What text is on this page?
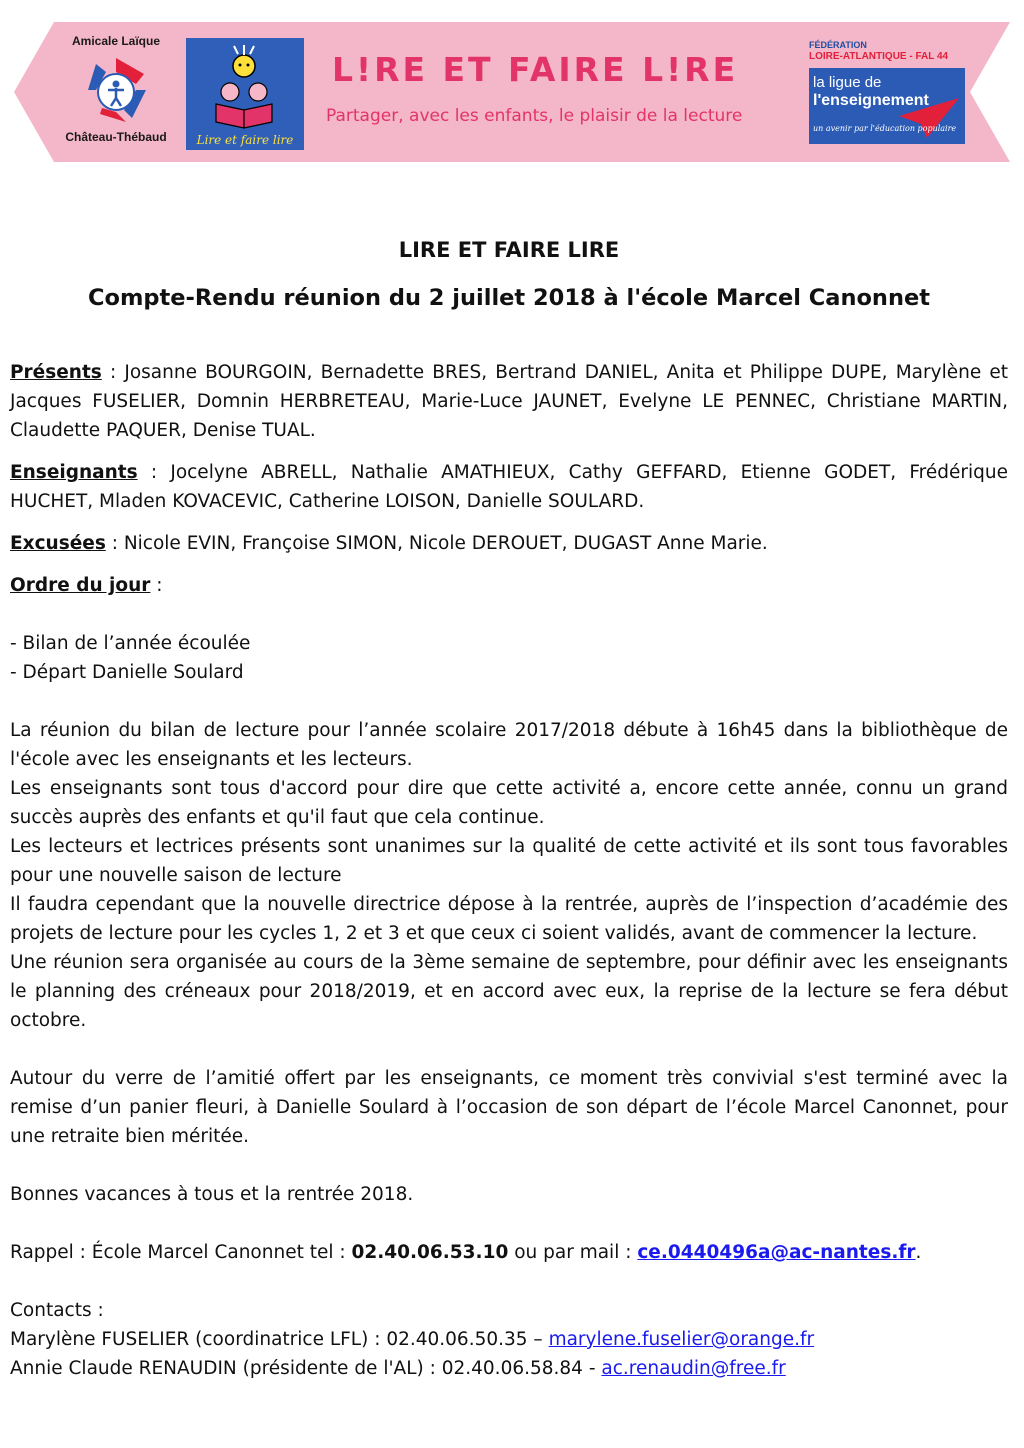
Amicale Laïque
Château-Thébaud	Lire et faire lire
L!RE ET FAIRE L!RE
Partager, avec les enfants, le plaisir de la lecture
FÉDÉRATION
LOIRE-ATLANTIQUE - FAL 44
la ligue de
l'enseignement
un avenir par l'éducation populaire

LIRE ET FAIRE LIRE

Compte-Rendu réunion du 2 juillet 2018 à l'école Marcel Canonnet

Présents : Josanne BOURGOIN, Bernadette BRES, Bertrand DANIEL, Anita et Philippe DUPE, Marylène et Jacques FUSELIER, Domnin HERBRETEAU, Marie-Luce JAUNET, Evelyne LE PENNEC, Christiane MARTIN, Claudette PAQUER, Denise TUAL.

Enseignants : Jocelyne ABRELL, Nathalie AMATHIEUX, Cathy GEFFARD, Etienne GODET, Frédérique HUCHET, Mladen KOVACEVIC, Catherine LOISON, Danielle SOULARD.

Excusées : Nicole EVIN, Françoise SIMON, Nicole DEROUET, DUGAST Anne Marie.

Ordre du jour :

- Bilan de l’année écoulée
- Départ Danielle Soulard

La réunion du bilan de lecture pour l’année scolaire 2017/2018 débute à 16h45 dans la bibliothèque de l'école avec les enseignants et les lecteurs.

Les enseignants sont tous d'accord pour dire que cette activité a, encore cette année, connu un grand succès auprès des enfants et qu'il faut que cela continue.

Les lecteurs et lectrices présents sont unanimes sur la qualité de cette activité et ils sont tous favorables pour une nouvelle saison de lecture

Il faudra cependant que la nouvelle directrice dépose à la rentrée, auprès de l’inspection d’académie des projets de lecture pour les cycles 1, 2 et 3 et que ceux ci soient validés, avant de commencer la lecture.

Une réunion sera organisée au cours de la 3ème semaine de septembre, pour définir avec les enseignants le planning des créneaux pour 2018/2019, et en accord avec eux, la reprise de la lecture se fera début octobre.

Autour du verre de l’amitié offert par les enseignants, ce moment très convivial s'est terminé avec la remise d’un panier fleuri, à Danielle Soulard à l’occasion de son départ de l’école Marcel Canonnet, pour une retraite bien méritée.

Bonnes vacances à tous et la rentrée 2018.

Rappel : École Marcel Canonnet tel : 02.40.06.53.10 ou par mail : ce.0440496a@ac-nantes.fr.

Contacts :
Marylène FUSELIER (coordinatrice LFL) : 02.40.06.50.35 – marylene.fuselier@orange.fr
Annie Claude RENAUDIN (présidente de l'AL) : 02.40.06.58.84 - ac.renaudin@free.fr
